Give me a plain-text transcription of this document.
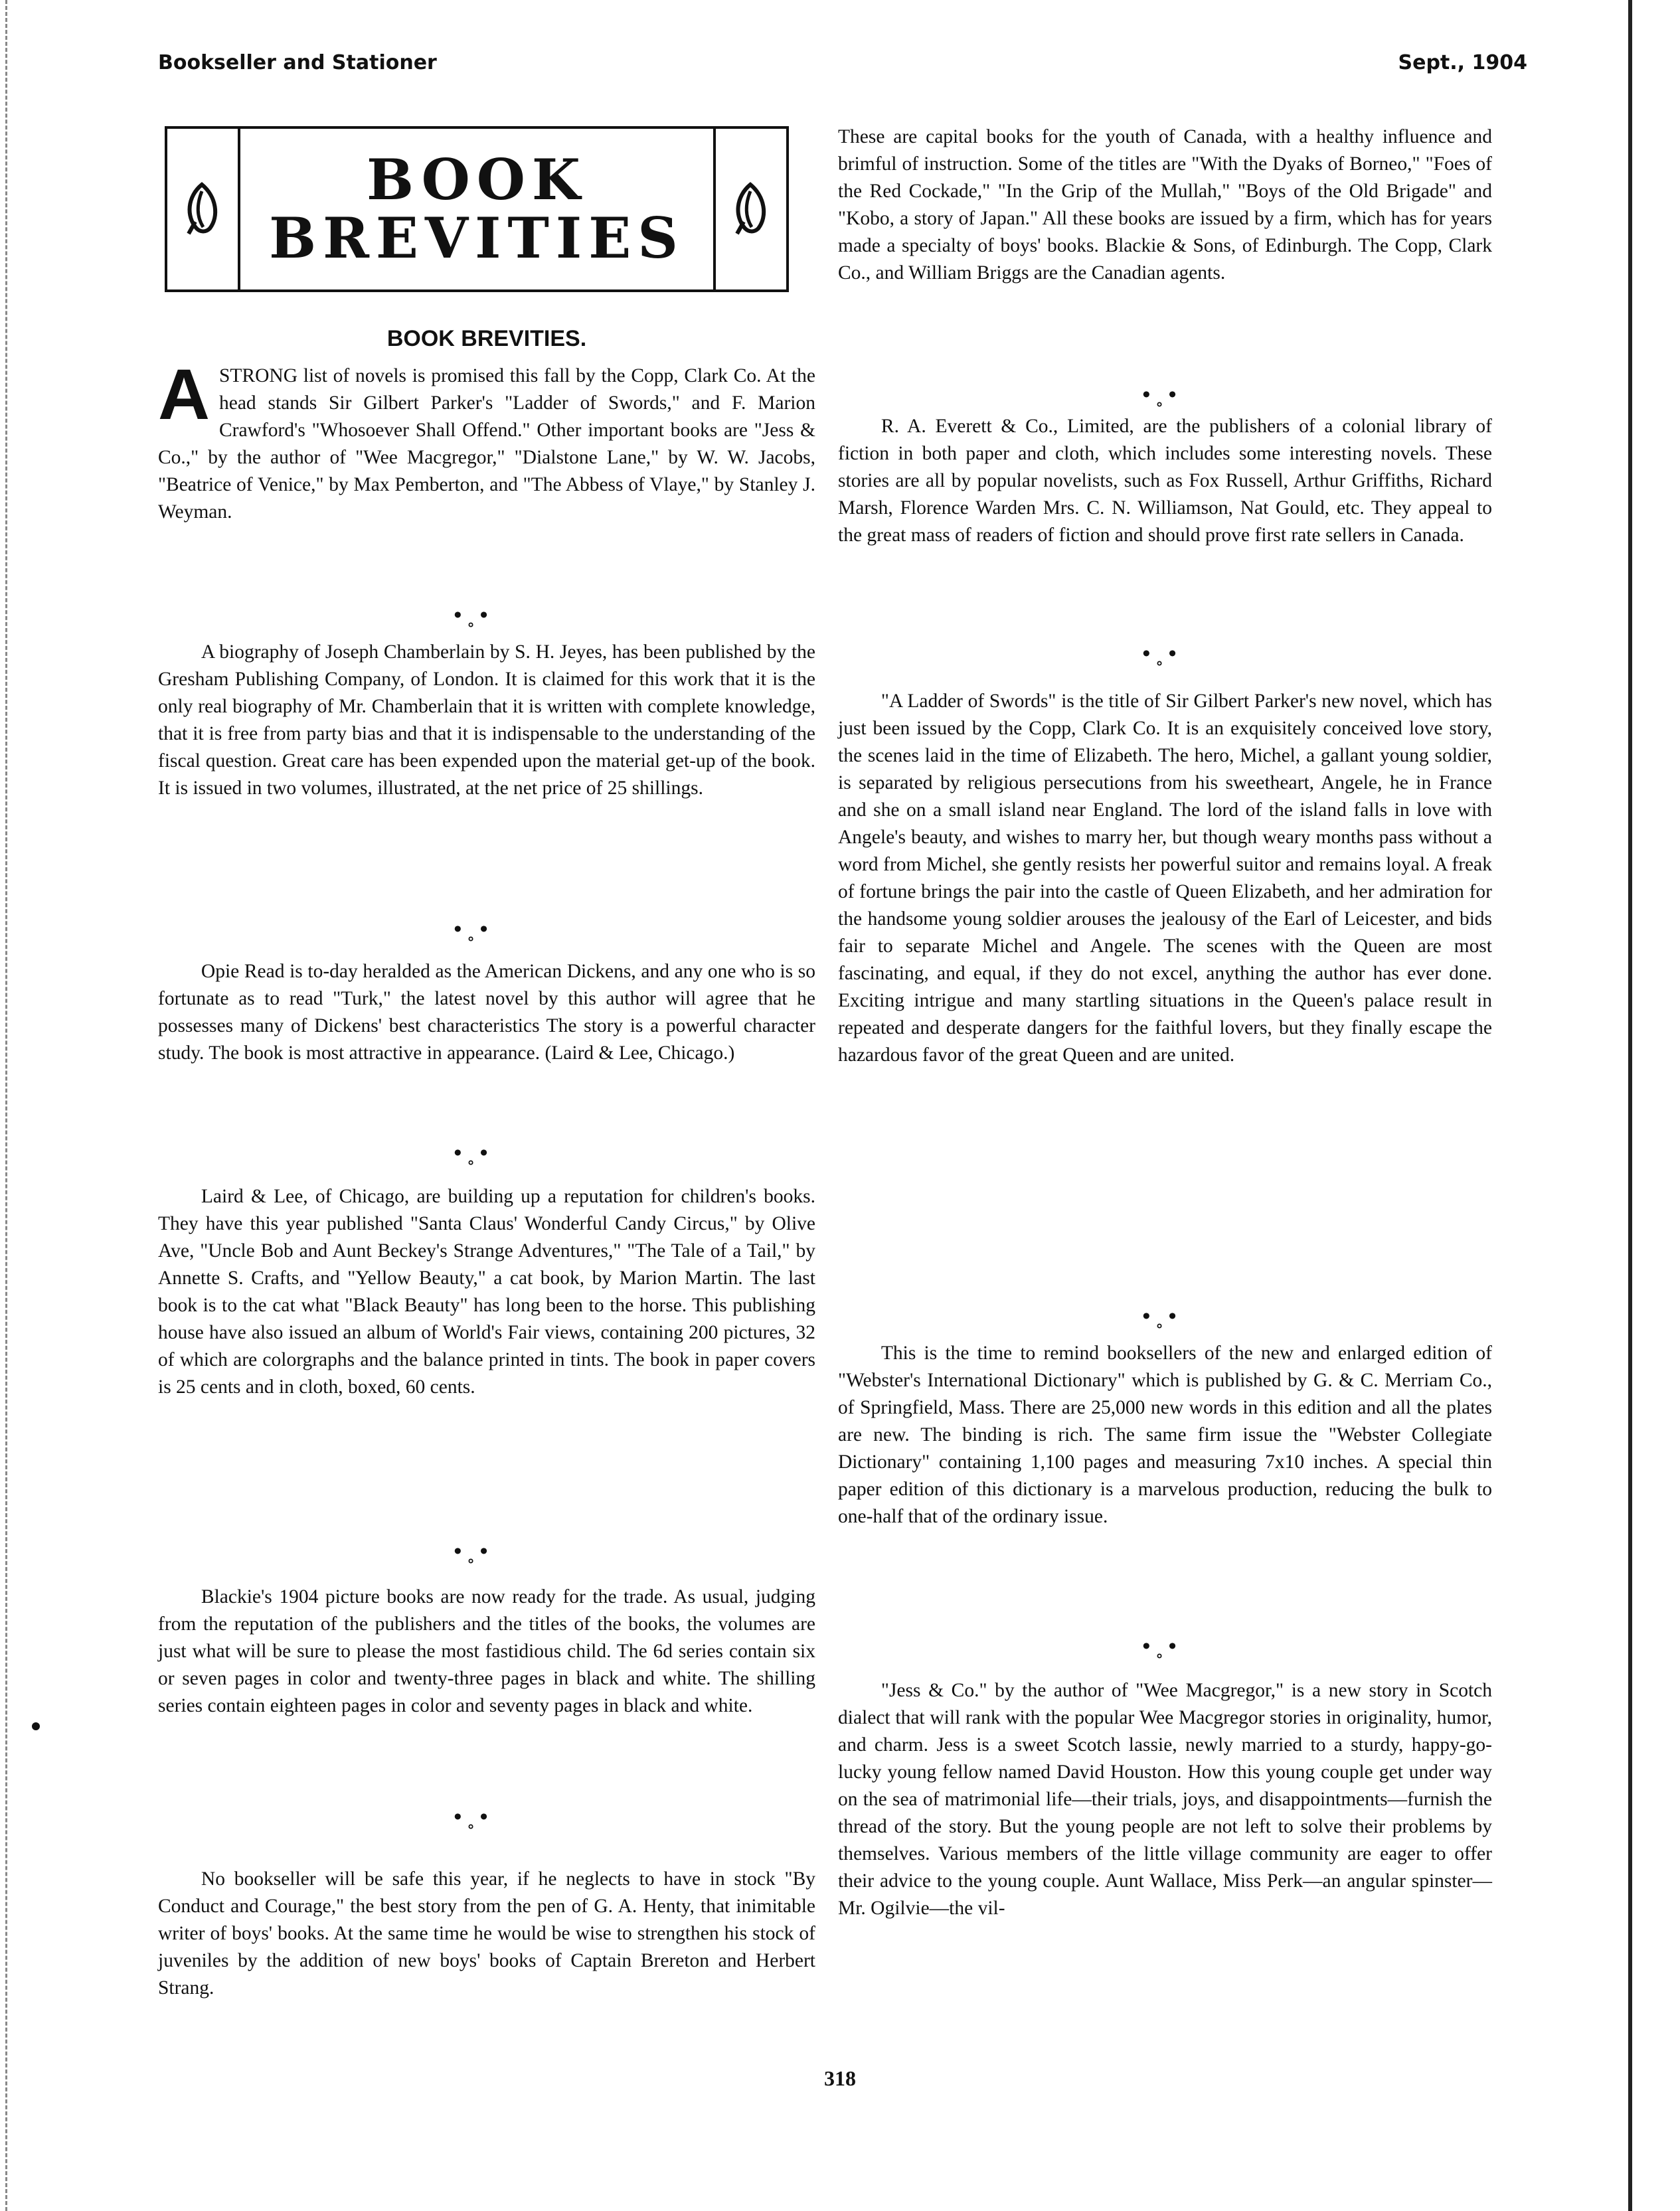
Bookseller and Stationer	Sept., 1904
BOOK
BREVITIES
BOOK BREVITIES.

ASTRONG list of novels is promised this fall by the Copp, Clark Co. At the head stands Sir Gilbert Parker's "Ladder of Swords," and F. Marion Crawford's "Whosoever Shall Offend." Other important books are "Jess & Co.," by the author of "Wee Macgregor," "Dialstone Lane," by W. W. Jacobs, "Beatrice of Venice," by Max Pemberton, and "The Abbess of Vlaye," by Stanley J. Weyman.

•˳•

A biography of Joseph Chamberlain by S. H. Jeyes, has been published by the Gresham Publishing Company, of London. It is claimed for this work that it is the only real biography of Mr. Chamberlain that it is written with complete knowledge, that it is free from party bias and that it is indispensable to the understanding of the fiscal question. Great care has been expended upon the material get-up of the book. It is issued in two volumes, illustrated, at the net price of 25 shillings.

•˳•

Opie Read is to-day heralded as the American Dickens, and any one who is so fortunate as to read "Turk," the latest novel by this author will agree that he possesses many of Dickens' best characteristics The story is a powerful character study. The book is most attractive in appearance. (Laird & Lee, Chicago.)

•˳•

Laird & Lee, of Chicago, are building up a reputation for children's books. They have this year published "Santa Claus' Wonderful Candy Circus," by Olive Ave, "Uncle Bob and Aunt Beckey's Strange Adventures," "The Tale of a Tail," by Annette S. Crafts, and "Yellow Beauty," a cat book, by Marion Martin. The last book is to the cat what "Black Beauty" has long been to the horse. This publishing house have also issued an album of World's Fair views, containing 200 pictures, 32 of which are colorgraphs and the balance printed in tints. The book in paper covers is 25 cents and in cloth, boxed, 60 cents.

•˳•

Blackie's 1904 picture books are now ready for the trade. As usual, judging from the reputation of the publishers and the titles of the books, the volumes are just what will be sure to please the most fastidious child. The 6d series contain six or seven pages in color and twenty-three pages in black and white. The shilling series contain eighteen pages in color and seventy pages in black and white.

•˳•

No bookseller will be safe this year, if he neglects to have in stock "By Conduct and Courage," the best story from the pen of G. A. Henty, that inimitable writer of boys' books. At the same time he would be wise to strengthen his stock of juveniles by the addition of new boys' books of Captain Brereton and Herbert Strang.

These are capital books for the youth of Canada, with a healthy influence and brimful of instruction. Some of the titles are "With the Dyaks of Borneo," "Foes of the Red Cockade," "In the Grip of the Mullah," "Boys of the Old Brigade" and "Kobo, a story of Japan." All these books are issued by a firm, which has for years made a specialty of boys' books. Blackie & Sons, of Edinburgh. The Copp, Clark Co., and William Briggs are the Canadian agents.

•˳•

R. A. Everett & Co., Limited, are the publishers of a colonial library of fiction in both paper and cloth, which includes some interesting novels. These stories are all by popular novelists, such as Fox Russell, Arthur Griffiths, Richard Marsh, Florence Warden Mrs. C. N. Williamson, Nat Gould, etc. They appeal to the great mass of readers of fiction and should prove first rate sellers in Canada.

•˳•

"A Ladder of Swords" is the title of Sir Gilbert Parker's new novel, which has just been issued by the Copp, Clark Co. It is an exquisitely conceived love story, the scenes laid in the time of Elizabeth. The hero, Michel, a gallant young soldier, is separated by religious persecutions from his sweetheart, Angele, he in France and she on a small island near England. The lord of the island falls in love with Angele's beauty, and wishes to marry her, but though weary months pass without a word from Michel, she gently resists her powerful suitor and remains loyal. A freak of fortune brings the pair into the castle of Queen Elizabeth, and her admiration for the handsome young soldier arouses the jealousy of the Earl of Leicester, and bids fair to separate Michel and Angele. The scenes with the Queen are most fascinating, and equal, if they do not excel, anything the author has ever done. Exciting intrigue and many startling situations in the Queen's palace result in repeated and desperate dangers for the faithful lovers, but they finally escape the hazardous favor of the great Queen and are united.

•˳•

This is the time to remind booksellers of the new and enlarged edition of "Webster's International Dictionary" which is published by G. & C. Merriam Co., of Springfield, Mass. There are 25,000 new words in this edition and all the plates are new. The binding is rich. The same firm issue the "Webster Collegiate Dictionary" containing 1,100 pages and measuring 7x10 inches. A special thin paper edition of this dictionary is a marvelous production, reducing the bulk to one-half that of the ordinary issue.

•˳•

"Jess & Co." by the author of "Wee Macgregor," is a new story in Scotch dialect that will rank with the popular Wee Macgregor stories in originality, humor, and charm. Jess is a sweet Scotch lassie, newly married to a sturdy, happy-go-lucky young fellow named David Houston. How this young couple get under way on the sea of matrimonial life—their trials, joys, and disappointments—furnish the thread of the story. But the young people are not left to solve their problems by themselves. Various members of the little village community are eager to offer their advice to the young couple. Aunt Wallace, Miss Perk—an angular spinster—Mr. Ogilvie—the vil-

318
